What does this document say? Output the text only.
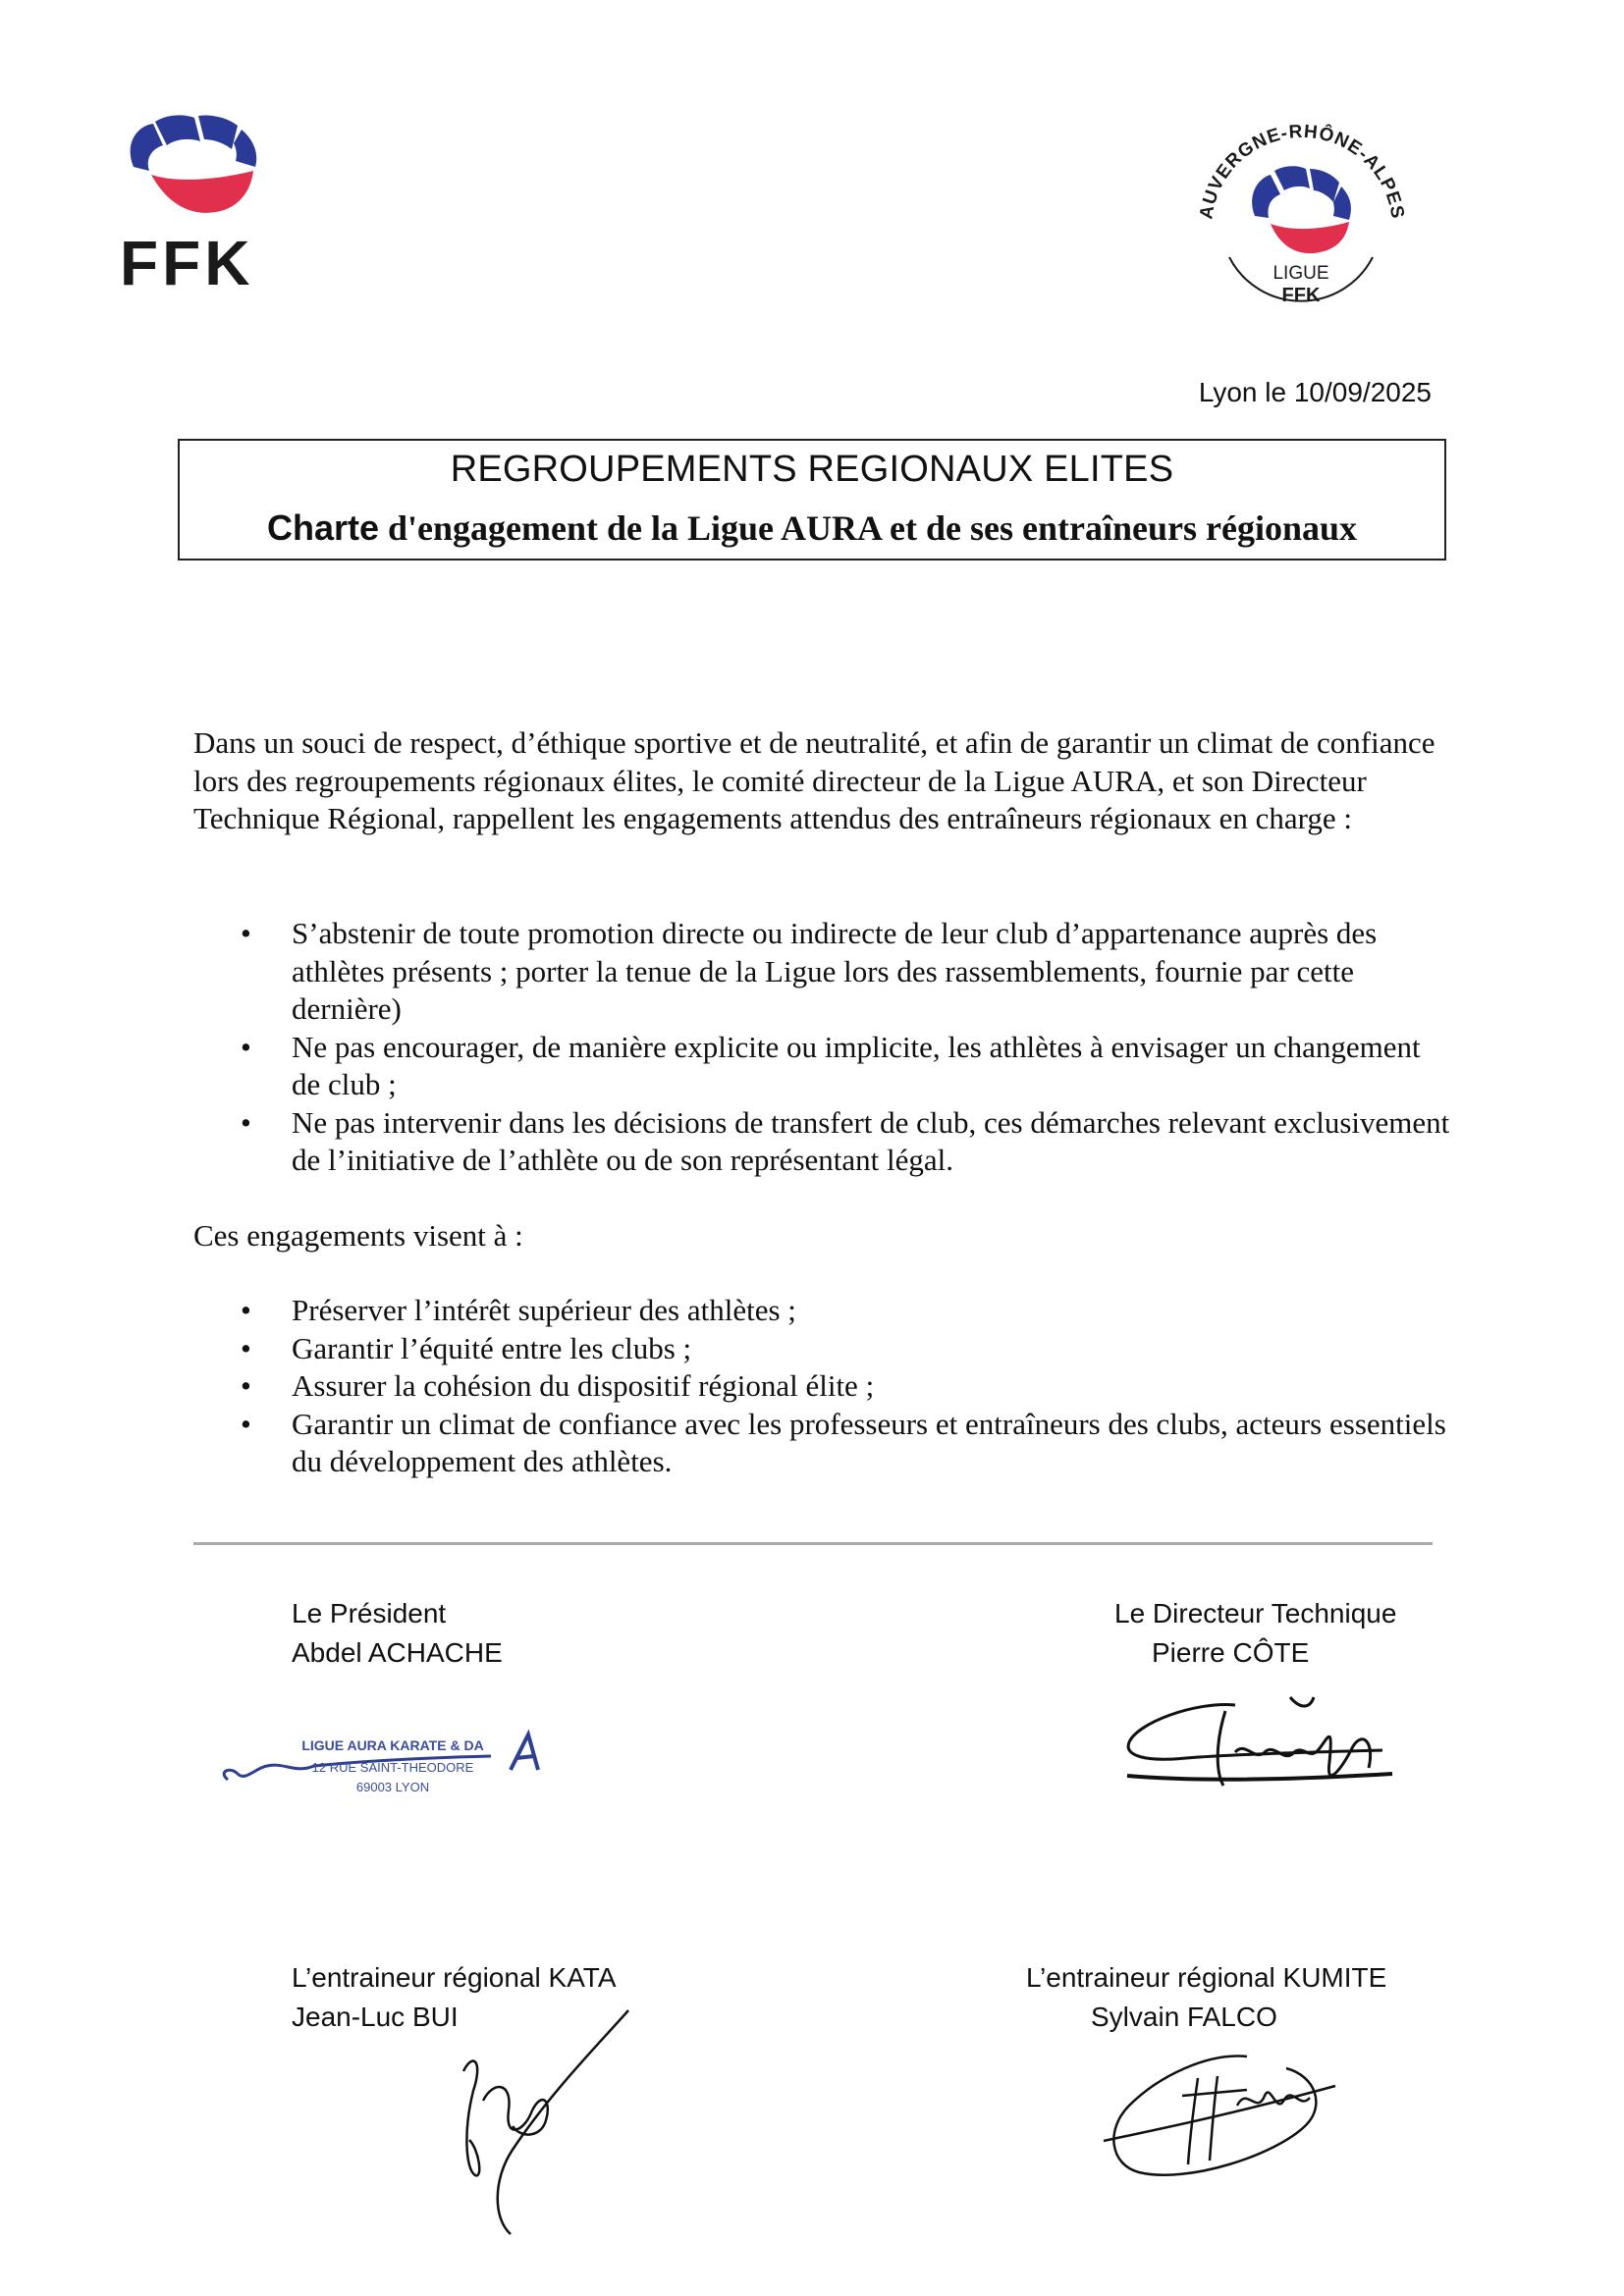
FFK
AUVERGNE-RHÔNE-ALPES
LIGUE
FFK
Lyon le 10/09/2025
REGROUPEMENTS REGIONAUX ELITES
Charte d'engagement de la Ligue AURA et de ses entraîneurs régionaux

Dans un souci de respect, d’éthique sportive et de neutralité, et afin de garantir un climat de confiance lors des regroupements régionaux élites, le comité directeur de la Ligue AURA, et son Directeur Technique Régional, rappellent les engagements attendus des entraîneurs régionaux en charge :

• S’abstenir de toute promotion directe ou indirecte de leur club d’appartenance auprès des athlètes présents ; porter la tenue de la Ligue lors des rassemblements, fournie par cette dernière)
• Ne pas encourager, de manière explicite ou implicite, les athlètes à envisager un changement de club ;
• Ne pas intervenir dans les décisions de transfert de club, ces démarches relevant exclusivement de l’initiative de l’athlète ou de son représentant légal.

Ces engagements visent à :

• Préserver l’intérêt supérieur des athlètes ;
• Garantir l’équité entre les clubs ;
• Assurer la cohésion du dispositif régional élite ;
• Garantir un climat de confiance avec les professeurs et entraîneurs des clubs, acteurs essentiels du développement des athlètes.
Le Président
Abdel ACHACHE
Le Directeur Technique
Pierre CÔTE
L’entraineur régional KATA
Jean-Luc BUI
L’entraineur régional KUMITE
Sylvain FALCO
LIGUE AURA KARATE & DA
12 RUE SAINT-THEODORE
69003 LYON
